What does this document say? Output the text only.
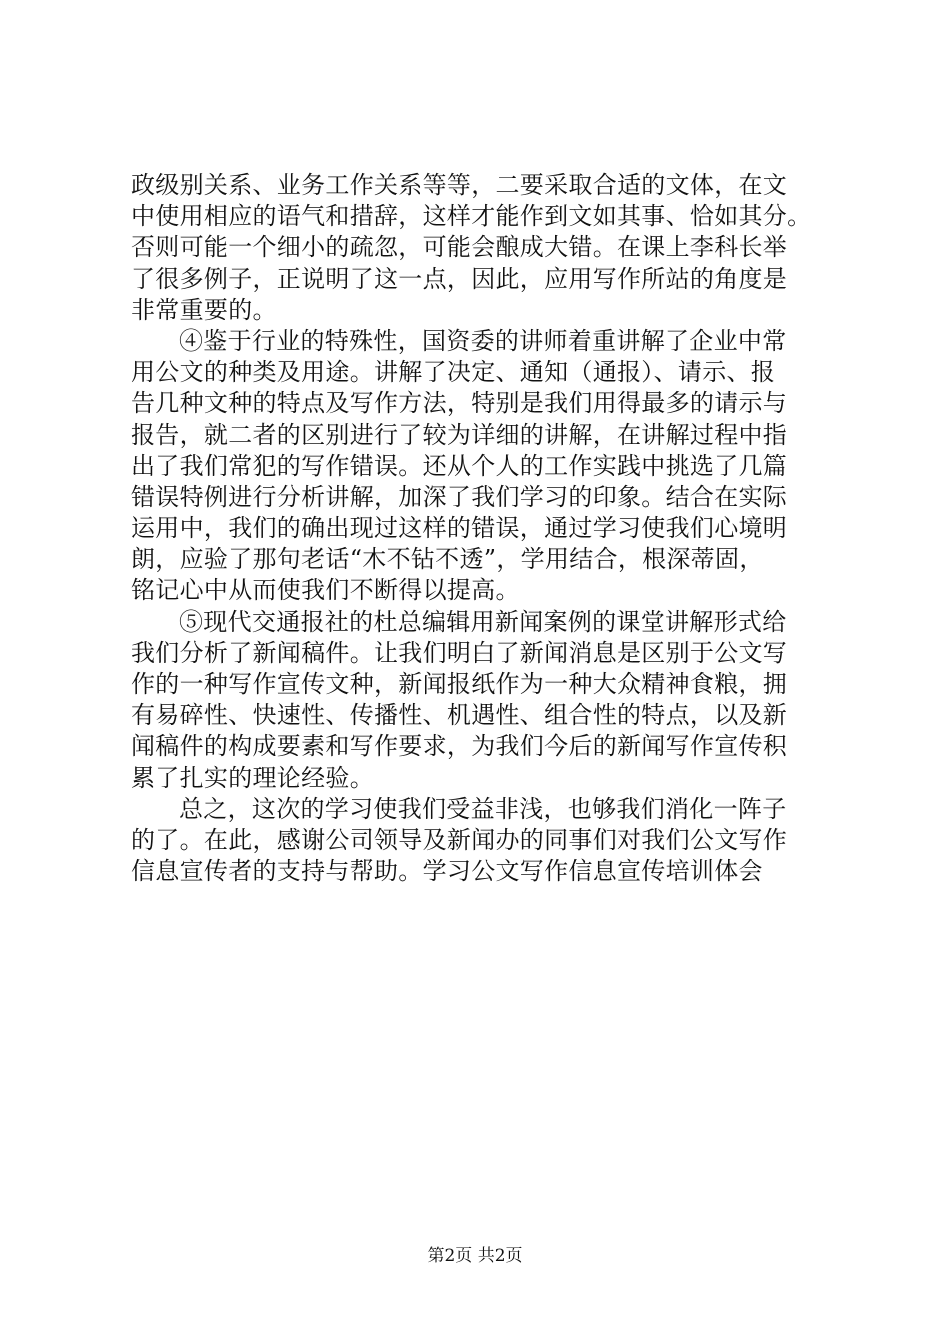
政级别关系、业务工作关系等等，二要采取合适的文体，在文
中使用相应的语气和措辞，这样才能作到文如其事、恰如其分。
否则可能一个细小的疏忽，可能会酿成大错。在课上李科长举
了很多例子，正说明了这一点，因此，应用写作所站的角度是
非常重要的。
④鉴于行业的特殊性，国资委的讲师着重讲解了企业中常
用公文的种类及用途。讲解了决定、通知（通报）、请示、报
告几种文种的特点及写作方法，特别是我们用得最多的请示与
报告，就二者的区别进行了较为详细的讲解，在讲解过程中指
出了我们常犯的写作错误。还从个人的工作实践中挑选了几篇
错误特例进行分析讲解，加深了我们学习的印象。结合在实际
运用中，我们的确出现过这样的错误，通过学习使我们心境明
朗，应验了那句老话“木不钻不透”，学用结合，根深蒂固，
铭记心中从而使我们不断得以提高。
⑤现代交通报社的杜总编辑用新闻案例的课堂讲解形式给
我们分析了新闻稿件。让我们明白了新闻消息是区别于公文写
作的一种写作宣传文种，新闻报纸作为一种大众精神食粮，拥
有易碎性、快速性、传播性、机遇性、组合性的特点，以及新
闻稿件的构成要素和写作要求，为我们今后的新闻写作宣传积
累了扎实的理论经验。
总之，这次的学习使我们受益非浅，也够我们消化一阵子
的了。在此，感谢公司领导及新闻办的同事们对我们公文写作
信息宣传者的支持与帮助。学习公文写作信息宣传培训体会
第2页 共2页
